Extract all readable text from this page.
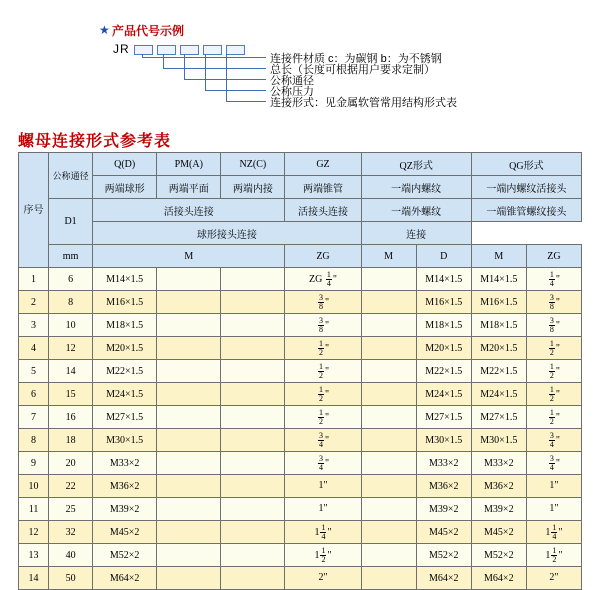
★ 产品代号示例
JR
连接件材质 c：为碳钢 b：为不锈钢
总长（长度可根据用户要求定制）
公称通径
公称压力
连接形式：见金属软管常用结构形式表
螺母连接形式参考表
序号	公称通径	Q(D)	PM(A)	NZ(C)	GZ	QZ形式		QG形式	
		两端球形	两端平面	两端内接	两端锥管	一端内螺纹		一端内螺纹活接头	
	D1	活接头连接			活接头连接	一端外螺纹		一端锥管螺纹接头	
		球形接头连接				连接			
	mm	M			ZG	M	D	M	ZG
1	6	M14×1.5			ZG $\frac{1}{4}$ "		M14×1.5	M14×1.5	$\frac{1}{4}$ "
2	8	M16×1.5			$\frac{3}{8}$ "		M16×1.5	M16×1.5	$\frac{3}{8}$ "
3	10	M18×1.5			$\frac{3}{8}$ "		M18×1.5	M18×1.5	$\frac{3}{8}$ "
4	12	M20×1.5			$\frac{1}{2}$ "		M20×1.5	M20×1.5	$\frac{1}{2}$ "
5	14	M22×1.5			$\frac{1}{2}$ "		M22×1.5	M22×1.5	$\frac{1}{2}$ "
6	15	M24×1.5			$\frac{1}{2}$ "		M24×1.5	M24×1.5	$\frac{1}{2}$ "
7	16	M27×1.5			$\frac{1}{2}$ "		M27×1.5	M27×1.5	$\frac{1}{2}$ "
8	18	M30×1.5			$\frac{3}{4}$ "		M30×1.5	M30×1.5	$\frac{3}{4}$ "
9	20	M33×2			$\frac{3}{4}$ "		M33×2	M33×2	$\frac{3}{4}$ "
10	22	M36×2			1"		M36×2	M36×2	1"
11	25	M39×2			1"		M39×2	M39×2	1"
12	32	M45×2			$1 \frac{1}{4}$ "		M45×2	M45×2	$1 \frac{1}{4}$ "
13	40	M52×2			$1 \frac{1}{2}$ "		M52×2	M52×2	$1 \frac{1}{2}$ "
14	50	M64×2			2"		M64×2	M64×2	2"
